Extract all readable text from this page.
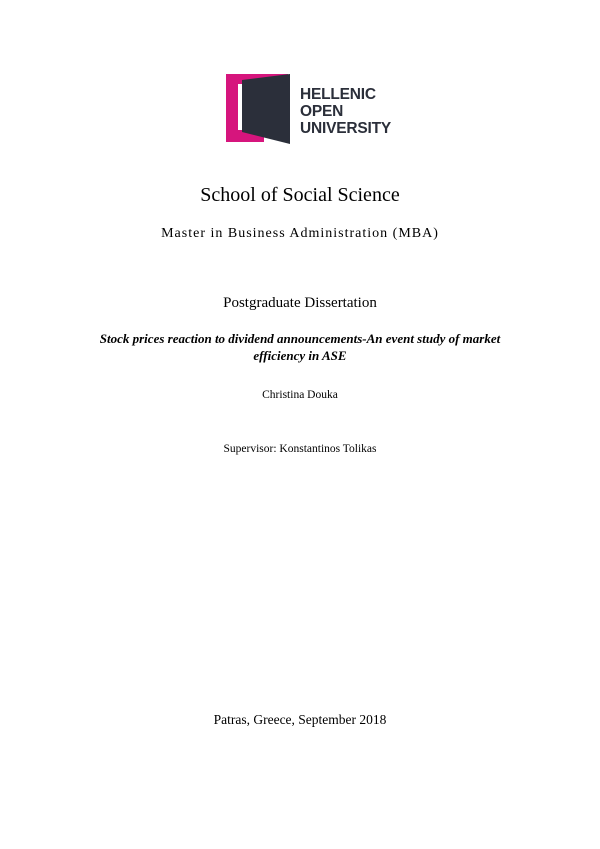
HELLENIC
OPEN
UNIVERSITY
School of Social Science
Master in Business Administration (MBA)
Postgraduate Dissertation
Stock prices reaction to dividend announcements-An event study of market
efficiency in ASE
Christina Douka
Supervisor: Konstantinos Tolikas
Patras, Greece, September 2018
